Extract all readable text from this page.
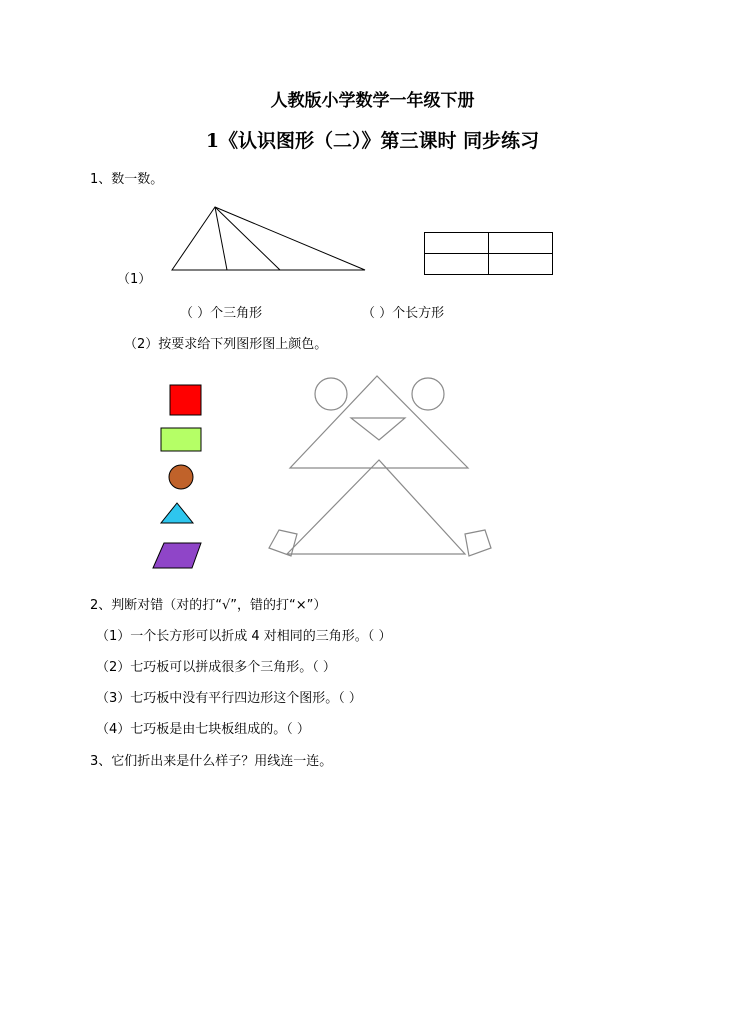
人教版小学数学一年级下册
1《认识图形（二）》第三课时 同步练习
1、数一数。
（1）
（ ）个三角形	（ ）个长方形
（2）按要求给下列图形图上颜色。
2、判断对错（对的打“√”，错的打“×”）
（1）一个长方形可以折成 4 对相同的三角形。（ ）
（2）七巧板可以拼成很多个三角形。（ ）
（3）七巧板中没有平行四边形这个图形。（ ）
（4）七巧板是由七块板组成的。（ ）
3、它们折出来是什么样子？用线连一连。
